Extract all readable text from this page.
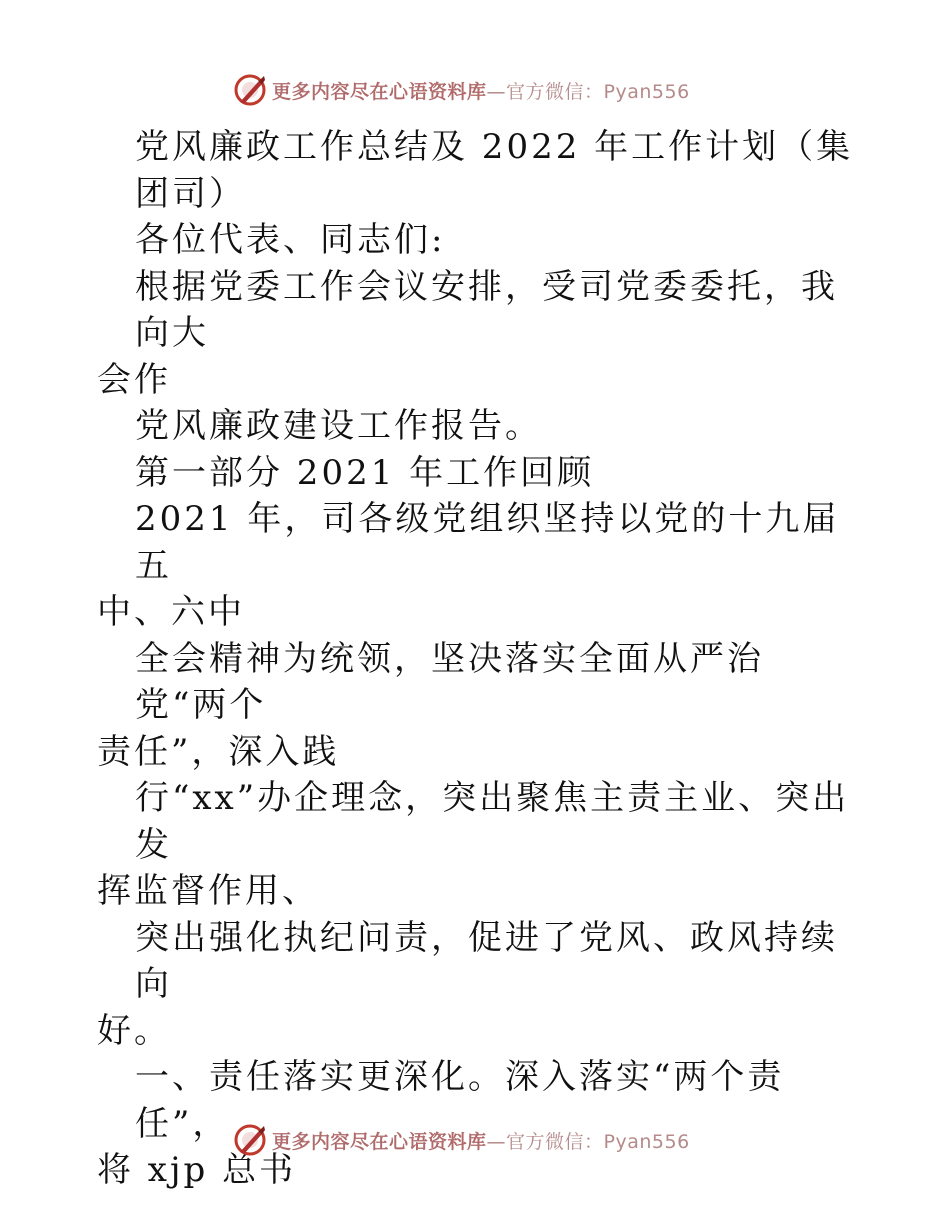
更多内容尽在心语资料库—官方微信：Pyan556

党风廉政工作总结及 2022 年工作计划（集

团司）

各位代表、同志们:

根据党委工作会议安排，受司党委委托，我向大

会作

党风廉政建设工作报告。

第一部分 2021 年工作回顾

2021 年，司各级党组织坚持以党的十九届五

中、六中

全会精神为统领，坚决落实全面从严治党“两个

责任”，深入践

行“xx”办企理念，突出聚焦主责主业、突出发

挥监督作用、

突出强化执纪问责，促进了党风、政风持续向

好。

一、责任落实更深化。深入落实“两个责任”，

将 xjp 总书

更多内容尽在心语资料库—官方微信：Pyan556
